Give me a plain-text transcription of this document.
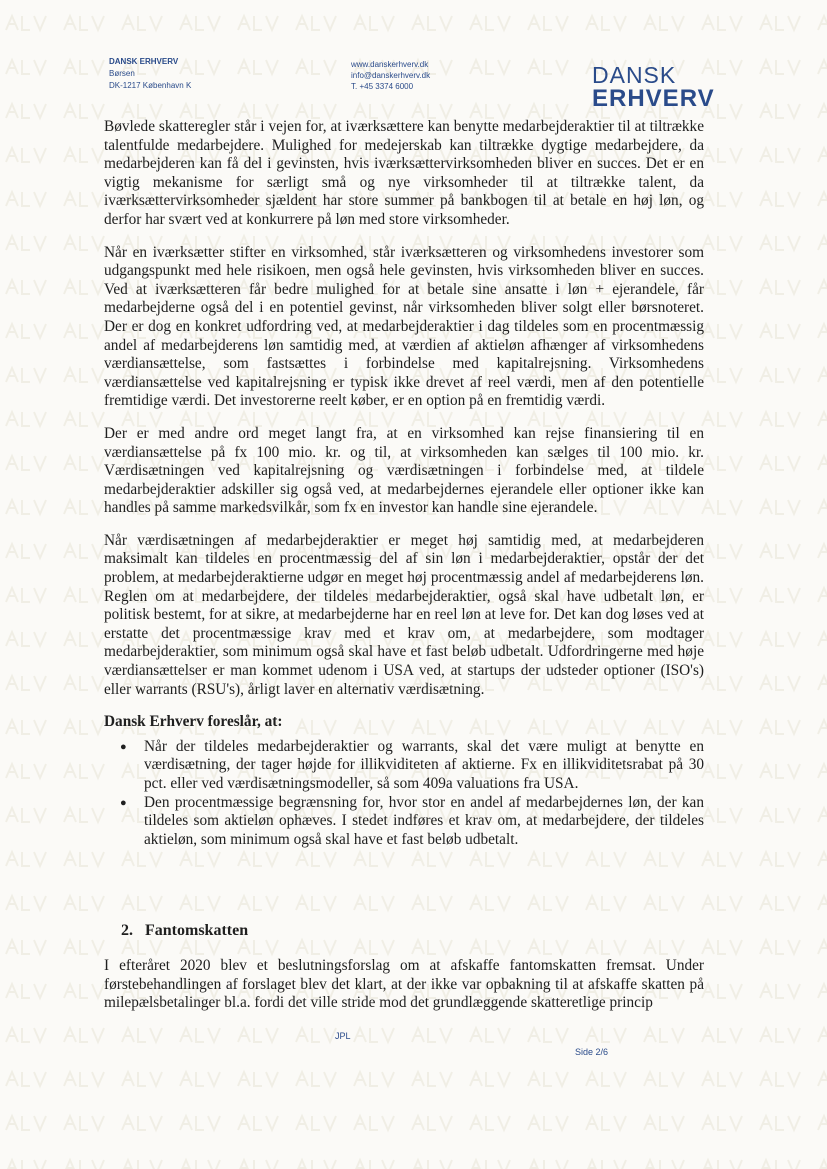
DANSK ERHVERV
Børsen
DK-1217 København K
www.danskerhverv.dk
info@danskerhverv.dk
T. +45 3374 6000	DANSK
ERHVERV

Bøvlede skatteregler står i vejen for, at iværksættere kan benytte medarbejderaktier til at tiltrække talentfulde medarbejdere. Mulighed for medejerskab kan tiltrække dygtige medarbejdere, da medarbejderen kan få del i gevinsten, hvis iværksættervirksomheden bliver en succes. Det er en vigtig mekanisme for særligt små og nye virksomheder til at tiltrække talent, da iværksættervirksomheder sjældent har store summer på bankbogen til at betale en høj løn, og derfor har svært ved at konkurrere på løn med store virksomheder.

Når en iværksætter stifter en virksomhed, står iværksætteren og virksomhedens investorer som udgangspunkt med hele risikoen, men også hele gevinsten, hvis virksomheden bliver en succes. Ved at iværksætteren får bedre mulighed for at betale sine ansatte i løn + ejerandele, får medarbejderne også del i en potentiel gevinst, når virksomheden bliver solgt eller børsnoteret. Der er dog en konkret udfordring ved, at medarbejderaktier i dag tildeles som en procentmæssig andel af medarbejderens løn samtidig med, at værdien af aktieløn afhænger af virksomhedens værdiansættelse, som fastsættes i forbindelse med kapitalrejsning. Virksomhedens værdiansættelse ved kapitalrejsning er typisk ikke drevet af reel værdi, men af den potentielle fremtidige værdi. Det investorerne reelt køber, er en option på en fremtidig værdi.

Der er med andre ord meget langt fra, at en virksomhed kan rejse finansiering til en værdiansættelse på fx 100 mio. kr. og til, at virksomheden kan sælges til 100 mio. kr. Værdisætningen ved kapitalrejsning og værdisætningen i forbindelse med, at tildele medarbejderaktier adskiller sig også ved, at medarbejdernes ejerandele eller optioner ikke kan handles på samme markedsvilkår, som fx en investor kan handle sine ejerandele.

Når værdisætningen af medarbejderaktier er meget høj samtidig med, at medarbejderen maksimalt kan tildeles en procentmæssig del af sin løn i medarbejderaktier, opstår der det problem, at medarbejderaktierne udgør en meget høj procentmæssig andel af medarbejderens løn. Reglen om at medarbejdere, der tildeles medarbejderaktier, også skal have udbetalt løn, er politisk bestemt, for at sikre, at medarbejderne har en reel løn at leve for. Det kan dog løses ved at erstatte det procentmæssige krav med et krav om, at medarbejdere, som modtager medarbejderaktier, som minimum også skal have et fast beløb udbetalt. Udfordringerne med høje værdiansættelser er man kommet udenom i USA ved, at startups der udsteder optioner (ISO's) eller warrants (RSU's), årligt laver en alternativ værdisætning.

Dansk Erhverv foreslår, at:
● Når der tildeles medarbejderaktier og warrants, skal det være muligt at benytte en værdisætning, der tager højde for illikviditeten af aktierne. Fx en illikviditetsrabat på 30 pct. eller ved værdisætningsmodeller, så som 409a valuations fra USA.
● Den procentmæssige begrænsning for, hvor stor en andel af medarbejdernes løn, der kan tildeles som aktieløn ophæves. I stedet indføres et krav om, at medarbejdere, der tildeles aktieløn, som minimum også skal have et fast beløb udbetalt.
2. Fantomskatten

I efteråret 2020 blev et beslutningsforslag om at afskaffe fantomskatten fremsat. Under førstebehandlingen af forslaget blev det klart, at der ikke var opbakning til at afskaffe skatten på milepælsbetalinger bl.a. fordi det ville stride mod det grundlæggende skatteretlige princip

JPL
Side 2/6
